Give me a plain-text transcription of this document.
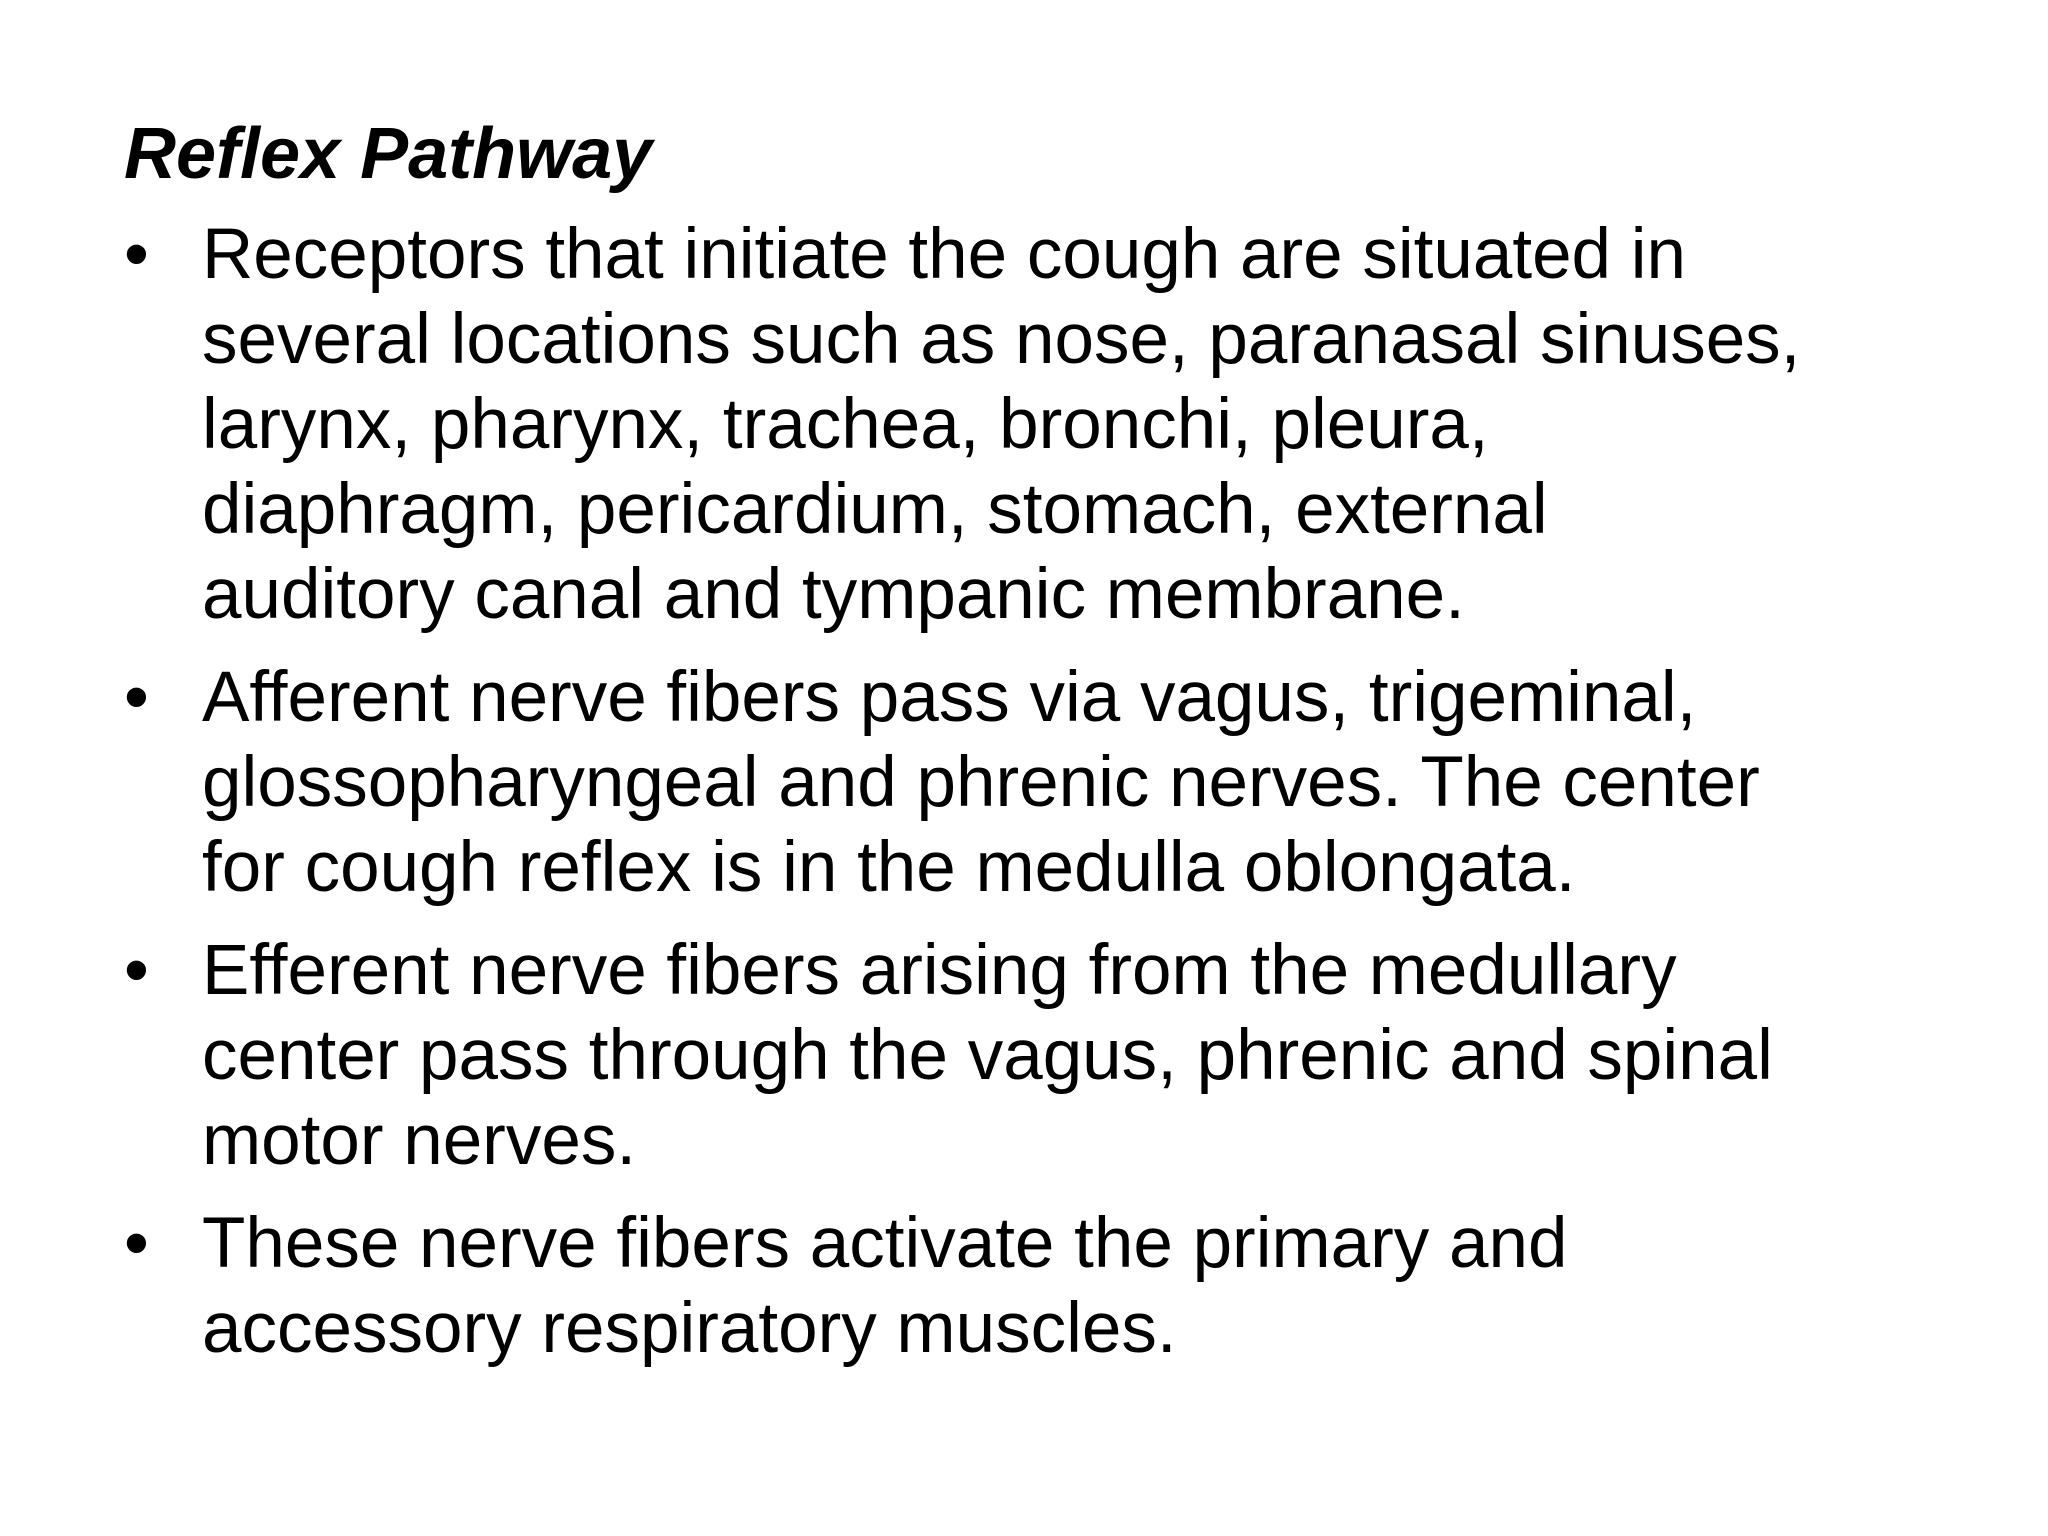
Reflex Pathway
• Receptors that initiate the cough are situated in
several locations such as nose, paranasal sinuses,
larynx, pharynx, trachea, bronchi, pleura,
diaphragm, pericardium, stomach, external
auditory canal and tympanic membrane.
• Afferent nerve fibers pass via vagus, trigeminal,
glossopharyngeal and phrenic nerves. The center
for cough reflex is in the medulla oblongata.
• Efferent nerve fibers arising from the medullary
center pass through the vagus, phrenic and spinal
motor nerves.
• These nerve fibers activate the primary and
accessory respiratory muscles.
